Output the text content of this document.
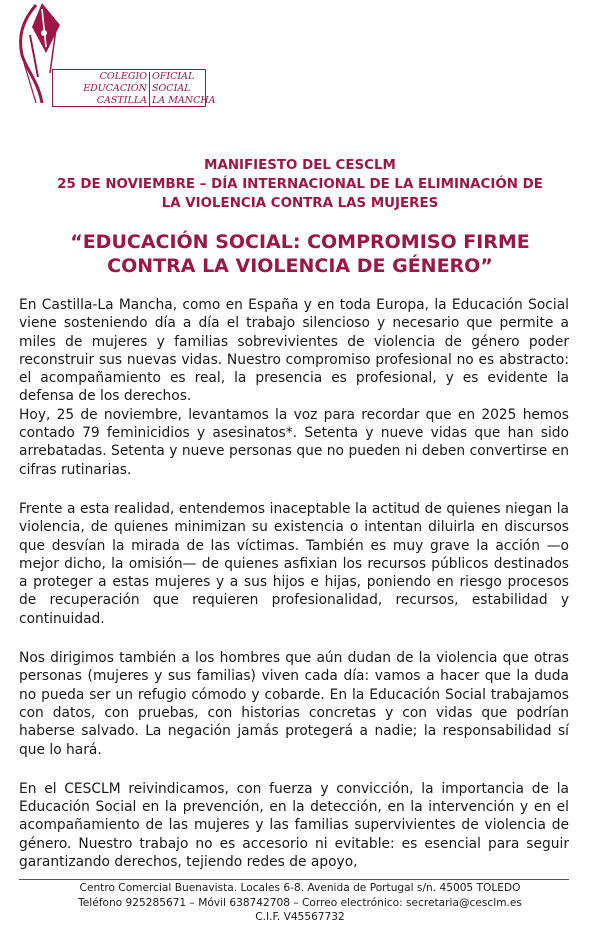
COLEGIO OFICIAL
EDUCACIÓN SOCIAL
CASTILLA LA MANCHA
MANIFIESTO DEL CESCLM
25 DE NOVIEMBRE – DÍA INTERNACIONAL DE LA ELIMINACIÓN DE
LA VIOLENCIA CONTRA LAS MUJERES
“EDUCACIÓN SOCIAL: COMPROMISO FIRME
CONTRA LA VIOLENCIA DE GÉNERO”

En Castilla-La Mancha, como en España y en toda Europa, la Educación Social viene sosteniendo día a día el trabajo silencioso y necesario que permite a miles de mujeres y familias sobrevivientes de violencia de género poder reconstruir sus nuevas vidas. Nuestro compromiso profesional no es abstracto: el acompañamiento es real, la presencia es profesional, y es evidente la defensa de los derechos.

Hoy, 25 de noviembre, levantamos la voz para recordar que en 2025 hemos contado 79 feminicidios y asesinatos*. Setenta y nueve vidas que han sido arrebatadas. Setenta y nueve personas que no pueden ni deben convertirse en cifras rutinarias.

Frente a esta realidad, entendemos inaceptable la actitud de quienes niegan la violencia, de quienes minimizan su existencia o intentan diluirla en discursos que desvían la mirada de las víctimas. También es muy grave la acción —o mejor dicho, la omisión— de quienes asfixian los recursos públicos destinados a proteger a estas mujeres y a sus hijos e hijas, poniendo en riesgo procesos de recuperación que requieren profesionalidad, recursos, estabilidad y continuidad.

Nos dirigimos también a los hombres que aún dudan de la violencia que otras personas (mujeres y sus familias) viven cada día: vamos a hacer que la duda no pueda ser un refugio cómodo y cobarde. En la Educación Social trabajamos con datos, con pruebas, con historias concretas y con vidas que podrían haberse salvado. La negación jamás protegerá a nadie; la responsabilidad sí que lo hará.

En el CESCLM reivindicamos, con fuerza y convicción, la importancia de la Educación Social en la prevención, en la detección, en la intervención y en el acompañamiento de las mujeres y las familias supervivientes de violencia de género. Nuestro trabajo no es accesorio ni evitable: es esencial para seguir garantizando derechos, tejiendo redes de apoyo,

Centro Comercial Buenavista. Locales 6-8. Avenida de Portugal s/n. 45005 TOLEDO
Teléfono 925285671 – Móvil 638742708 – Correo electrónico: secretaria@cesclm.es
C.I.F. V45567732
